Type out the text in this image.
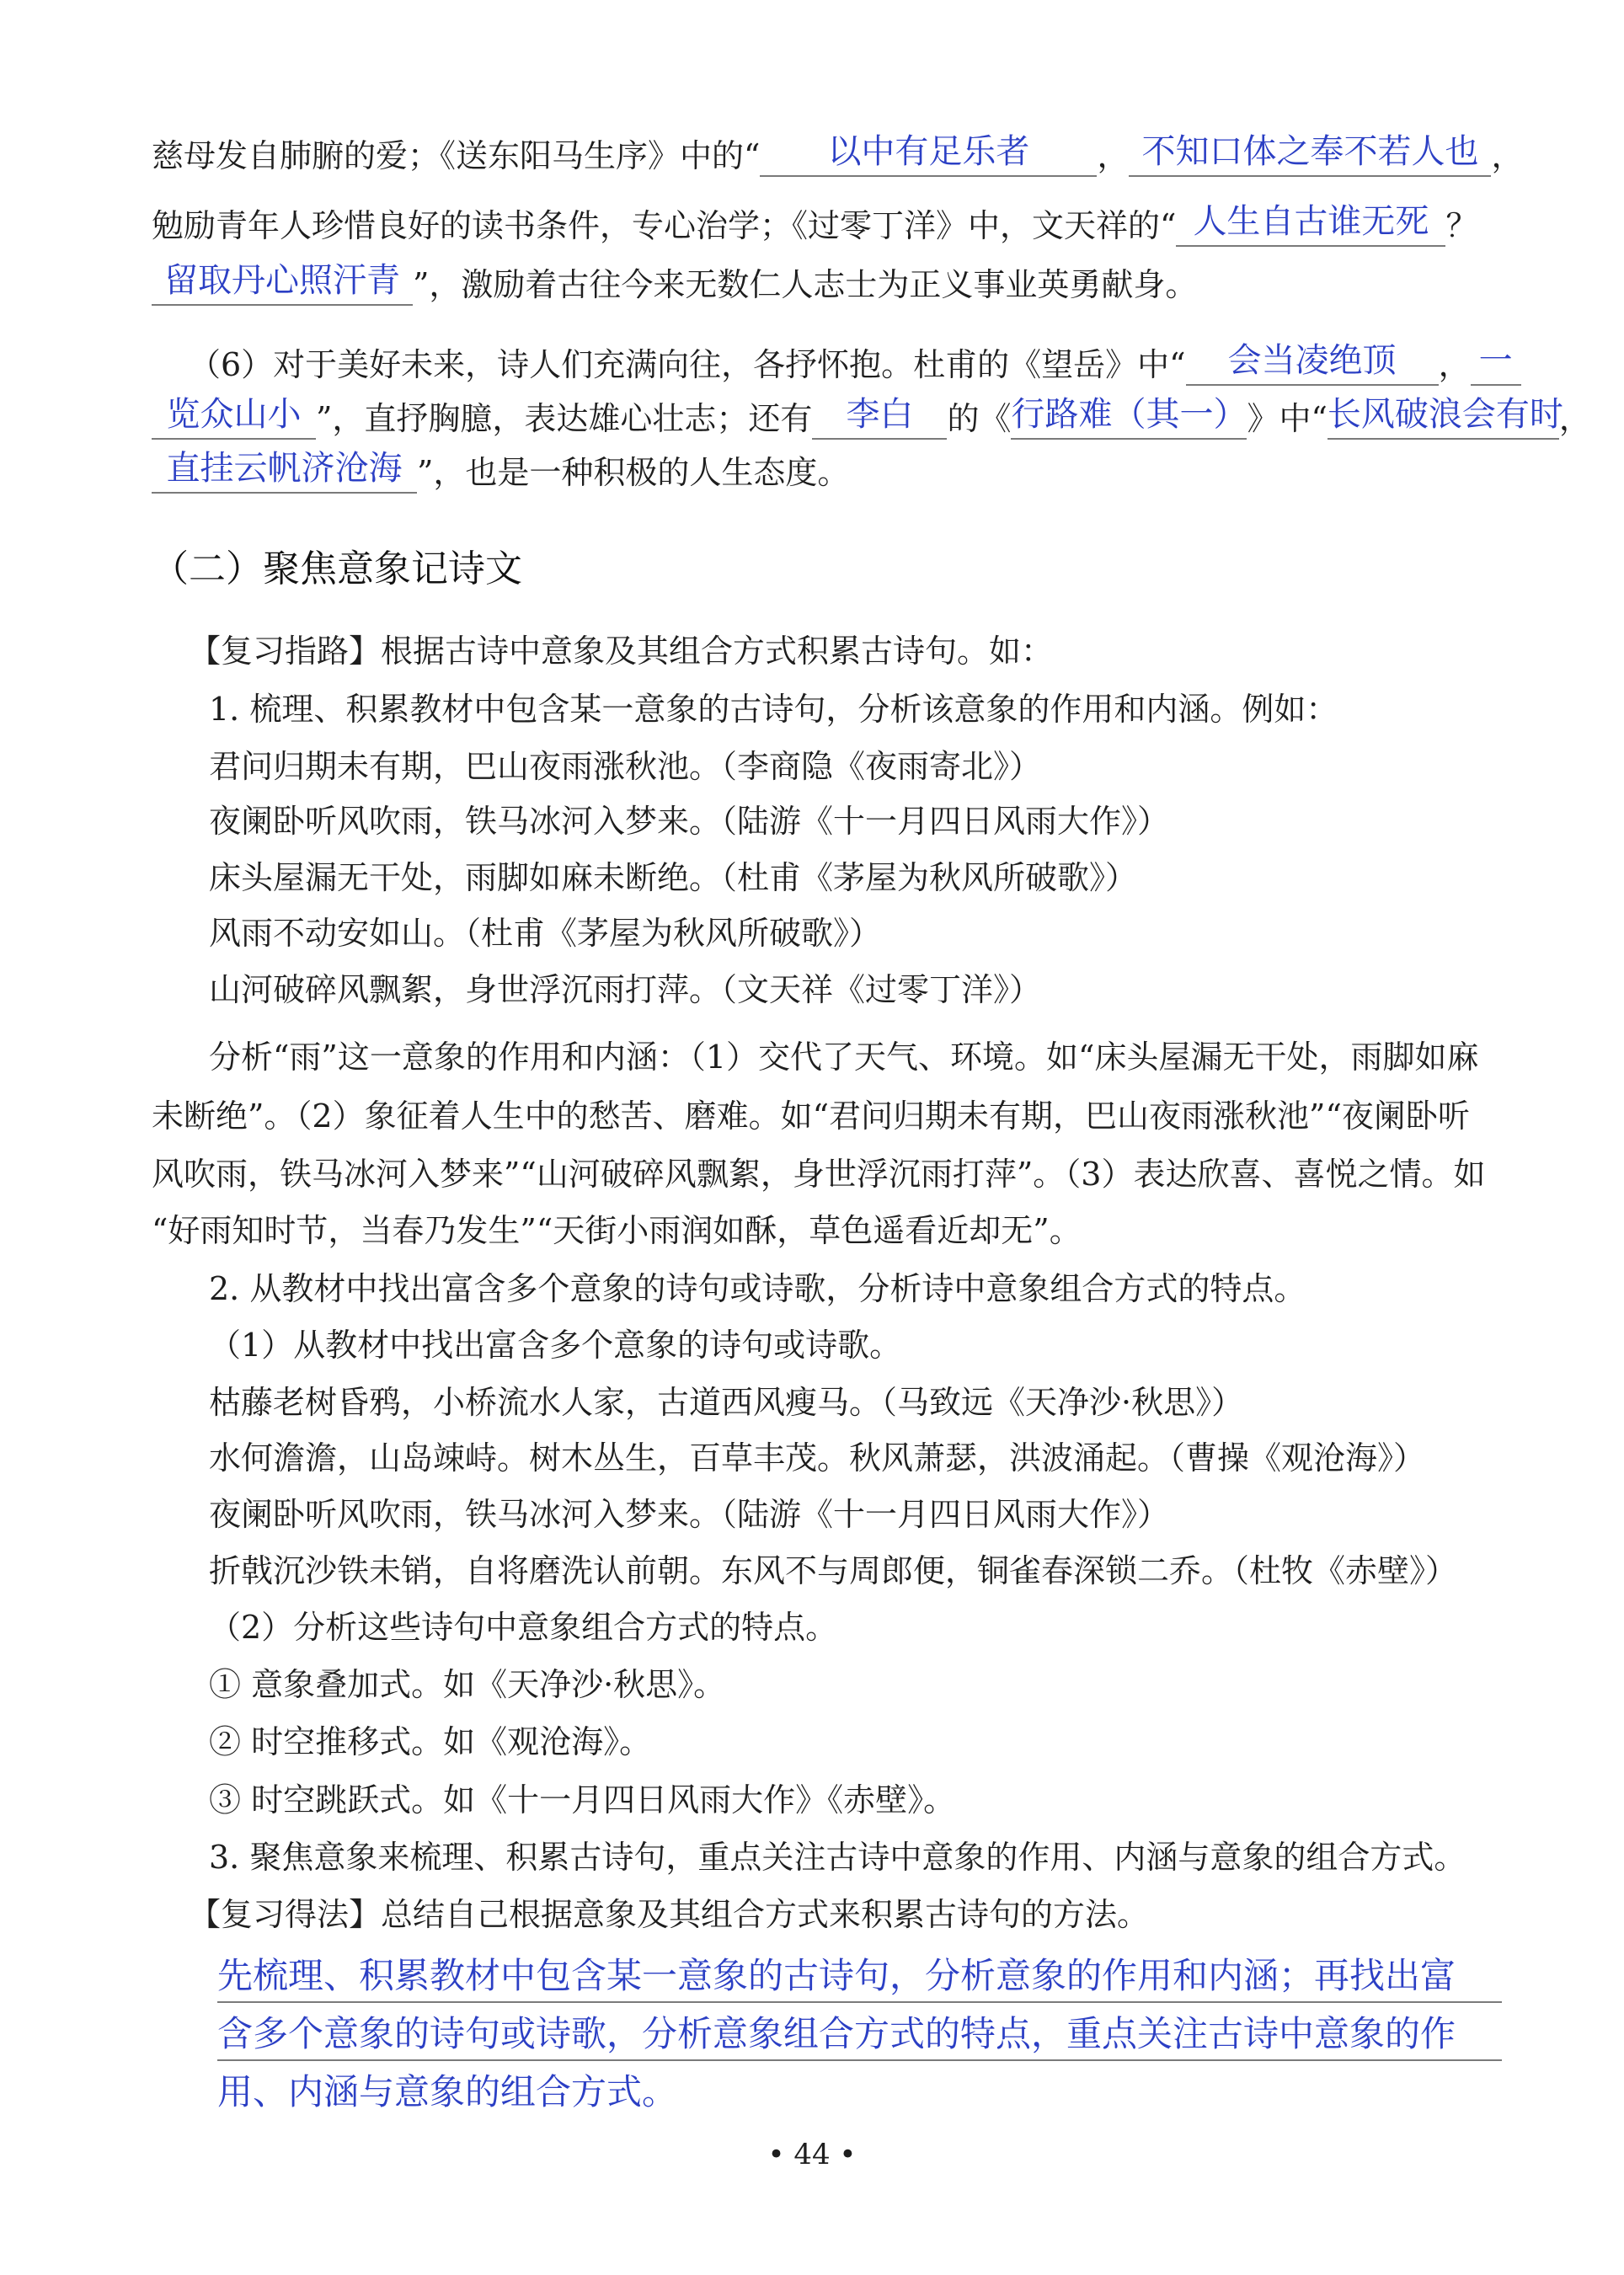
慈母发自肺腑的爱；《送东阳马生序》中的“	以中有足乐者	， 不知口体之奉不若人也 ，
勉励青年人珍惜良好的读书条件，专心治学；《过零丁洋》中，文天祥的“ 人生自古谁无死 ？
留取丹心照汗青 ”，激励着古往今来无数仁人志士为正义事业英勇献身。
（6）对于美好未来，诗人们充满向往，各抒怀抱。杜甫的《望岳》中“	会当凌绝顶	， 一
览众山小 ”，直抒胸臆，表达雄心壮志；还有	李白	的《 行路难（其一） 》中“ 长风破浪会有时
，
直挂云帆济沧海 ”，也是一种积极的人生态度。
（二）聚焦意象记诗文
【复习指路】根据古诗中意象及其组合方式积累古诗句。如：
1. 梳理、积累教材中包含某一意象的古诗句，分析该意象的作用和内涵。例如：
君问归期未有期，巴山夜雨涨秋池。（李商隐《夜雨寄北》）
夜阑卧听风吹雨，铁马冰河入梦来。（陆游《十一月四日风雨大作》）
床头屋漏无干处，雨脚如麻未断绝。（杜甫《茅屋为秋风所破歌》）
风雨不动安如山。（杜甫《茅屋为秋风所破歌》）
山河破碎风飘絮，身世浮沉雨打萍。（文天祥《过零丁洋》）
分析“雨”这一意象的作用和内涵：（1）交代了天气、环境。如“床头屋漏无干处，雨脚如麻
未断绝”。（2）象征着人生中的愁苦、磨难。如“君问归期未有期，巴山夜雨涨秋池”“夜阑卧听
风吹雨，铁马冰河入梦来”“山河破碎风飘絮，身世浮沉雨打萍”。（3）表达欣喜、喜悦之情。如
“好雨知时节，当春乃发生”“天街小雨润如酥，草色遥看近却无”。
2. 从教材中找出富含多个意象的诗句或诗歌，分析诗中意象组合方式的特点。
（1）从教材中找出富含多个意象的诗句或诗歌。
枯藤老树昏鸦，小桥流水人家，古道西风瘦马。（马致远《天净沙·秋思》）
水何澹澹，山岛竦峙。树木丛生，百草丰茂。秋风萧瑟，洪波涌起。（曹操《观沧海》）
夜阑卧听风吹雨，铁马冰河入梦来。（陆游《十一月四日风雨大作》）
折戟沉沙铁未销，自将磨洗认前朝。东风不与周郎便，铜雀春深锁二乔。（杜牧《赤壁》）
（2）分析这些诗句中意象组合方式的特点。
① 意象叠加式。如《天净沙·秋思》。
② 时空推移式。如《观沧海》。
③ 时空跳跃式。如《十一月四日风雨大作》《赤壁》。
3. 聚焦意象来梳理、积累古诗句，重点关注古诗中意象的作用、内涵与意象的组合方式。
【复习得法】总结自己根据意象及其组合方式来积累古诗句的方法。
先梳理、积累教材中包含某一意象的古诗句，分析意象的作用和内涵；再找出富
含多个意象的诗句或诗歌，分析意象组合方式的特点，重点关注古诗中意象的作
用、内涵与意象的组合方式。
• 44 •
